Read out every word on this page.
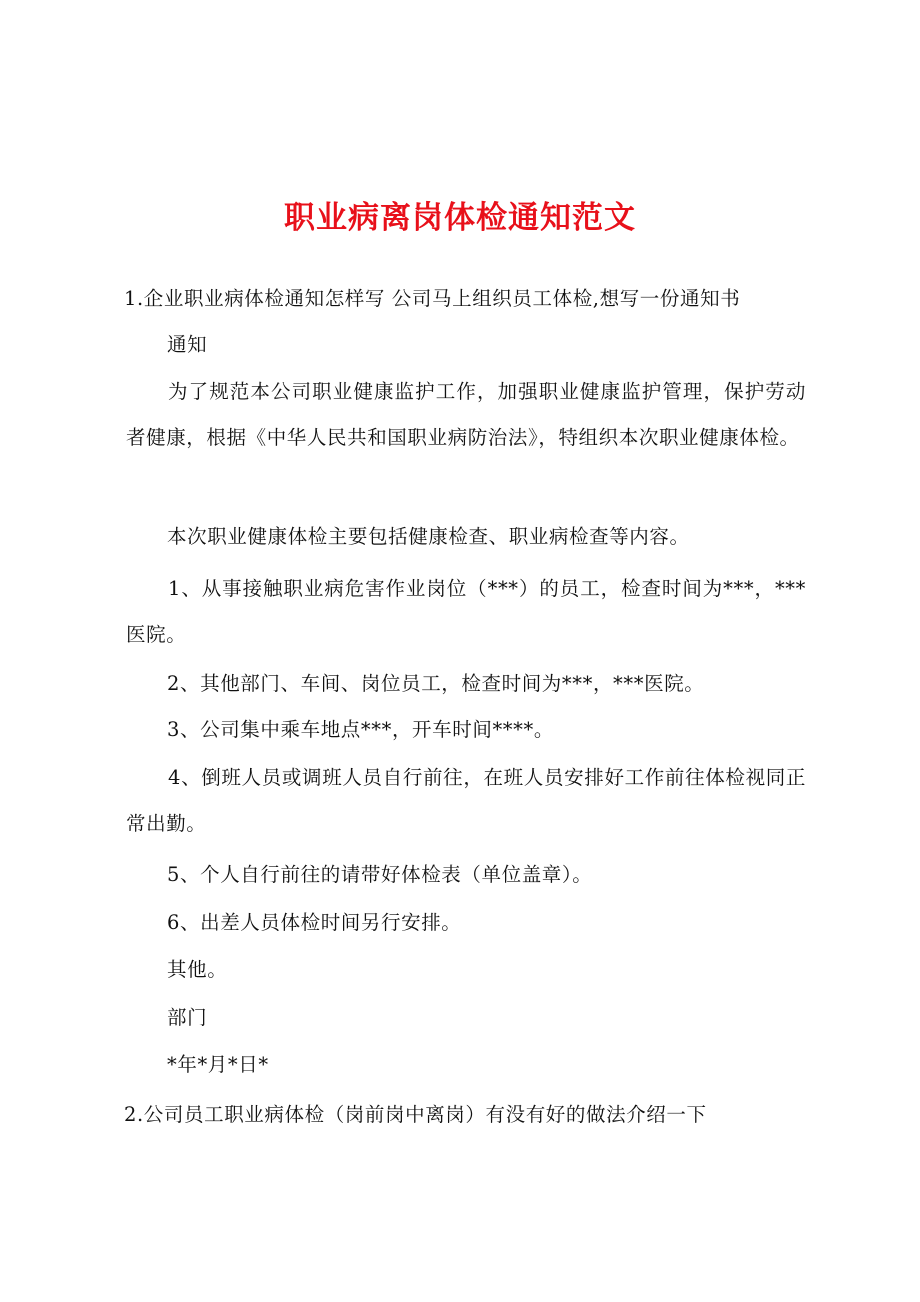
职业病离岗体检通知范文
1.企业职业病体检通知怎样写 公司马上组织员工体检,想写一份通知书
通知
为了规范本公司职业健康监护工作，加强职业健康监护管理，保护劳动者健康，根据《中华人民共和国职业病防治法》，特组织本次职业健康体检。
本次职业健康体检主要包括健康检查、职业病检查等内容。
1、从事接触职业病危害作业岗位（***）的员工，检查时间为***，***医院。
2、其他部门、车间、岗位员工，检查时间为***，***医院。
3、公司集中乘车地点***，开车时间****。
4、倒班人员或调班人员自行前往，在班人员安排好工作前往体检视同正常出勤。
5、个人自行前往的请带好体检表（单位盖章）。
6、出差人员体检时间另行安排。
其他。
部门
*年*月*日*
2.公司员工职业病体检（岗前岗中离岗）有没有好的做法介绍一下
